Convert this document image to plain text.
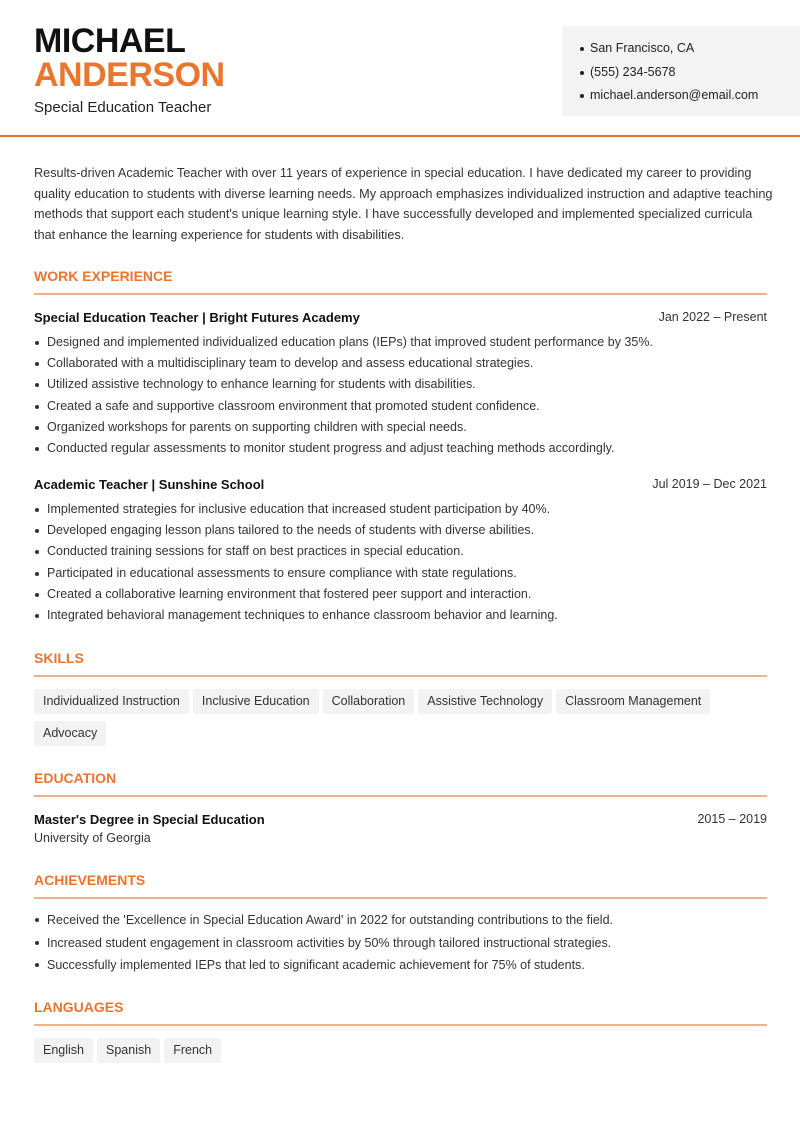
MICHAEL
ANDERSON
Special Education Teacher
San Francisco, CA
(555) 234-5678
michael.anderson@email.com
Results-driven Academic Teacher with over 11 years of experience in special education. I have dedicated my career to providing quality education to students with diverse learning needs. My approach emphasizes individualized instruction and adaptive teaching methods that support each student's unique learning style. I have successfully developed and implemented specialized curricula that enhance the learning experience for students with disabilities.
WORK EXPERIENCE
Special Education Teacher | Bright Futures Academy	Jan 2022 – Present
Designed and implemented individualized education plans (IEPs) that improved student performance by 35%.
Collaborated with a multidisciplinary team to develop and assess educational strategies.
Utilized assistive technology to enhance learning for students with disabilities.
Created a safe and supportive classroom environment that promoted student confidence.
Organized workshops for parents on supporting children with special needs.
Conducted regular assessments to monitor student progress and adjust teaching methods accordingly.
Academic Teacher | Sunshine School	Jul 2019 – Dec 2021
Implemented strategies for inclusive education that increased student participation by 40%.
Developed engaging lesson plans tailored to the needs of students with diverse abilities.
Conducted training sessions for staff on best practices in special education.
Participated in educational assessments to ensure compliance with state regulations.
Created a collaborative learning environment that fostered peer support and interaction.
Integrated behavioral management techniques to enhance classroom behavior and learning.
SKILLS
Individualized Instruction Inclusive Education Collaboration Assistive Technology Classroom ManagementAdvocacy
EDUCATION
Master's Degree in Special Education	2015 – 2019
University of Georgia
ACHIEVEMENTS
Received the 'Excellence in Special Education Award' in 2022 for outstanding contributions to the field.
Increased student engagement in classroom activities by 50% through tailored instructional strategies.
Successfully implemented IEPs that led to significant academic achievement for 75% of students.
LANGUAGES
English Spanish French
